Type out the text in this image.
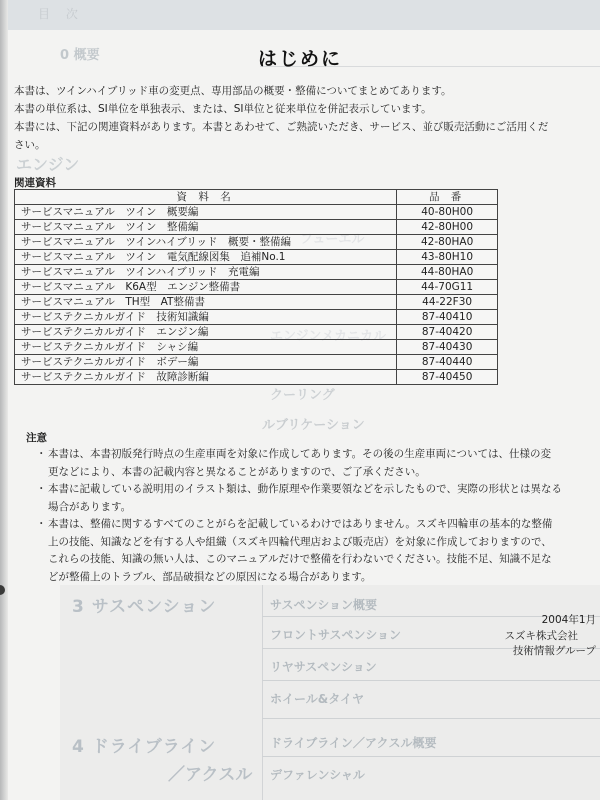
目 次
0 概要
エンジン
ルブリケーション
クーリング
3 サスペンション
4 ドライブライン
／アクスル
サスペンション概要
フロントサスペンション
リヤサスペンション
ホイール&タイヤ
ドライブライン／アクスル概要
デファレンシャル
はじめに

本書は、ツインハイブリッド車の変更点、専用部品の概要・整備についてまとめてあります。

本書の単位系は、SI単位を単独表示、または、SI単位と従来単位を併記表示しています。

本書には、下記の関連資料があります。本書とあわせて、ご熟読いただき、サービス、並び販売活動にご活用くだ

さい。

関連資料
資 料 名	品 番
サービスマニュアル　ツイン　概要編	40-80H00
サービスマニュアル　ツイン　整備編	42-80H00
サービスマニュアル　ツインハイブリッド　概要・整備編	42-80HA0
サービスマニュアル　ツイン　電気配線図集　追補No.1	43-80H10
サービスマニュアル　ツインハイブリッド　充電編	44-80HA0
サービスマニュアル　K6A型　エンジン整備書	44-70G11
サービスマニュアル　TH型　AT整備書	44-22F30
サービステクニカルガイド　技術知識編	87-40410
サービステクニカルガイド　エンジン編	87-40420
サービステクニカルガイド　シャシ編	87-40430
サービステクニカルガイド　ボデー編	87-40440
サービステクニカルガイド　故障診断編	87-40450
注意
・ 本書は、本書初版発行時点の生産車両を対象に作成してあります。その後の生産車両については、仕様の変
更などにより、本書の記載内容と異なることがありますので、ご了承ください。
・ 本書に記載している説明用のイラスト類は、動作原理や作業要領などを示したもので、実際の形状とは異なる
場合があります。
・ 本書は、整備に関するすべてのことがらを記載しているわけではありません。スズキ四輪車の基本的な整備
上の技能、知識などを有する人や組織（スズキ四輪代理店および販売店）を対象に作成しておりますので、
これらの技能、知識の無い人は、このマニュアルだけで整備を行わないでください。技能不足、知識不足な
どが整備上のトラブル、部品破損などの原因になる場合があります。
2004年1月
スズキ株式会社
技術情報グループ
